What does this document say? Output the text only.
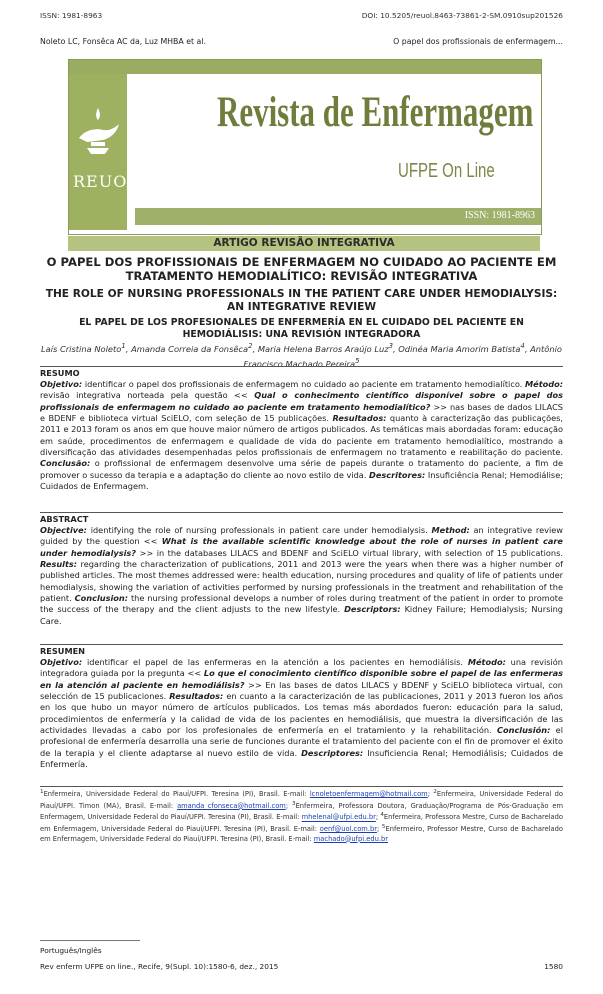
ISSN: 1981-8963	DOI: 10.5205/reuol.8463-73861-2-SM.0910sup201526
Noleto LC, Fonsêca AC da, Luz MHBA et al.	O papel dos profissionais de enfermagem...
REUOL
Revista de Enfermagem
UFPE On Line
ISSN: 1981-8963
ARTIGO REVISÃO INTEGRATIVA
O PAPEL DOS PROFISSIONAIS DE ENFERMAGEM NO CUIDADO AO PACIENTE EM TRATAMENTO HEMODIALÍTICO: REVISÃO INTEGRATIVA
THE ROLE OF NURSING PROFESSIONALS IN THE PATIENT CARE UNDER HEMODIALYSIS: AN INTEGRATIVE REVIEW
EL PAPEL DE LOS PROFESIONALES DE ENFERMERÍA EN EL CUIDADO DEL PACIENTE EN HEMODIÁLISIS: UNA REVISIÓN INTEGRADORA
Laís Cristina Noleto$^1$, Amanda Correia da Fonsêca$^2$, Maria Helena Barros Araújo Luz$^3$, Odinéa Maria Amorim Batista$^4$, Antônio Francisco Machado Pereira$^5$
RESUMO
Objetivo: identificar o papel dos profissionais de enfermagem no cuidado ao paciente em tratamento hemodialítico. Método: revisão integrativa norteada pela questão << Qual o conhecimento científico disponível sobre o papel dos profissionais de enfermagem no cuidado ao paciente em tratamento hemodialítico? >> nas bases de dados LILACS e BDENF e biblioteca virtual SciELO, com seleção de 15 publicações. Resultados: quanto à caracterização das publicações, 2011 e 2013 foram os anos em que houve maior número de artigos publicados. As temáticas mais abordadas foram: educação em saúde, procedimentos de enfermagem e qualidade de vida do paciente em tratamento hemodialítico, mostrando a diversificação das atividades desempenhadas pelos profissionais de enfermagem no tratamento e reabilitação do paciente. Conclusão: o profissional de enfermagem desenvolve uma série de papeis durante o tratamento do paciente, a fim de promover o sucesso da terapia e a adaptação do cliente ao novo estilo de vida. Descritores: Insuficiência Renal; Hemodiálise; Cuidados de Enfermagem.
ABSTRACT
Objective: identifying the role of nursing professionals in patient care under hemodialysis. Method: an integrative review guided by the question << What is the available scientific knowledge about the role of nurses in patient care under hemodialysis? >> in the databases LILACS and BDENF and SciELO virtual library, with selection of 15 publications. Results: regarding the characterization of publications, 2011 and 2013 were the years when there was a higher number of published articles. The most themes addressed were: health education, nursing procedures and quality of life of patients under hemodialysis, showing the variation of activities performed by nursing professionals in the treatment and rehabilitation of the patient. Conclusion: the nursing professional develops a number of roles during treatment of the patient in order to promote the success of the therapy and the client adjusts to the new lifestyle. Descriptors: Kidney Failure; Hemodialysis; Nursing Care.
RESUMEN
Objetivo: identificar el papel de las enfermeras en la atención a los pacientes en hemodiálisis. Método: una revisión integradora guiada por la pregunta << Lo que el conocimiento científico disponible sobre el papel de las enfermeras en la atención al paciente en hemodiálisis? >> En las bases de datos LILACS y BDENF y SciELO biblioteca virtual, con selección de 15 publicaciones. Resultados: en cuanto a la caracterización de las publicaciones, 2011 y 2013 fueron los años en los que hubo un mayor número de artículos publicados. Los temas más abordados fueron: educación para la salud, procedimientos de enfermería y la calidad de vida de los pacientes en hemodiálisis, que muestra la diversificación de las actividades llevadas a cabo por los profesionales de enfermería en el tratamiento y la rehabilitación. Conclusión: el profesional de enfermería desarrolla una serie de funciones durante el tratamiento del paciente con el fin de promover el éxito de la terapia y el cliente adaptarse al nuevo estilo de vida. Descriptores: Insuficiencia Renal; Hemodiálisis; Cuidados de Enfermería.
$^1$Enfermeira, Universidade Federal do Piauí/UFPI. Teresina (PI), Brasil. E-mail: lcnoletoenfermagem@hotmail.com; $^2$Enfermeira, Universidade Federal do Piauí/UFPI. Timon (MA), Brasil. E-mail: amanda_cfonseca@hotmail.com; $^3$Enfermeira, Professora Doutora, Graduação/Programa de Pós-Graduação em Enfermagem, Universidade Federal do Piauí/UFPI. Teresina (PI), Brasil. E-mail: mhelenal@ufpi.edu.br; $^4$Enfermeira, Professora Mestre, Curso de Bacharelado em Enfermagem, Universidade Federal do Piauí/UFPI. Teresina (PI), Brasil. E-mail: oenf@uol.com.br; $^5$Enfermeiro, Professor Mestre, Curso de Bacharelado em Enfermagem, Universidade Federal do Piauí/UFPI. Teresina (PI), Brasil. E-mail: machado@ufpi.edu.br
Português/Inglês
Rev enferm UFPE on line., Recife, 9(Supl. 10):1580-6, dez., 2015	1580
